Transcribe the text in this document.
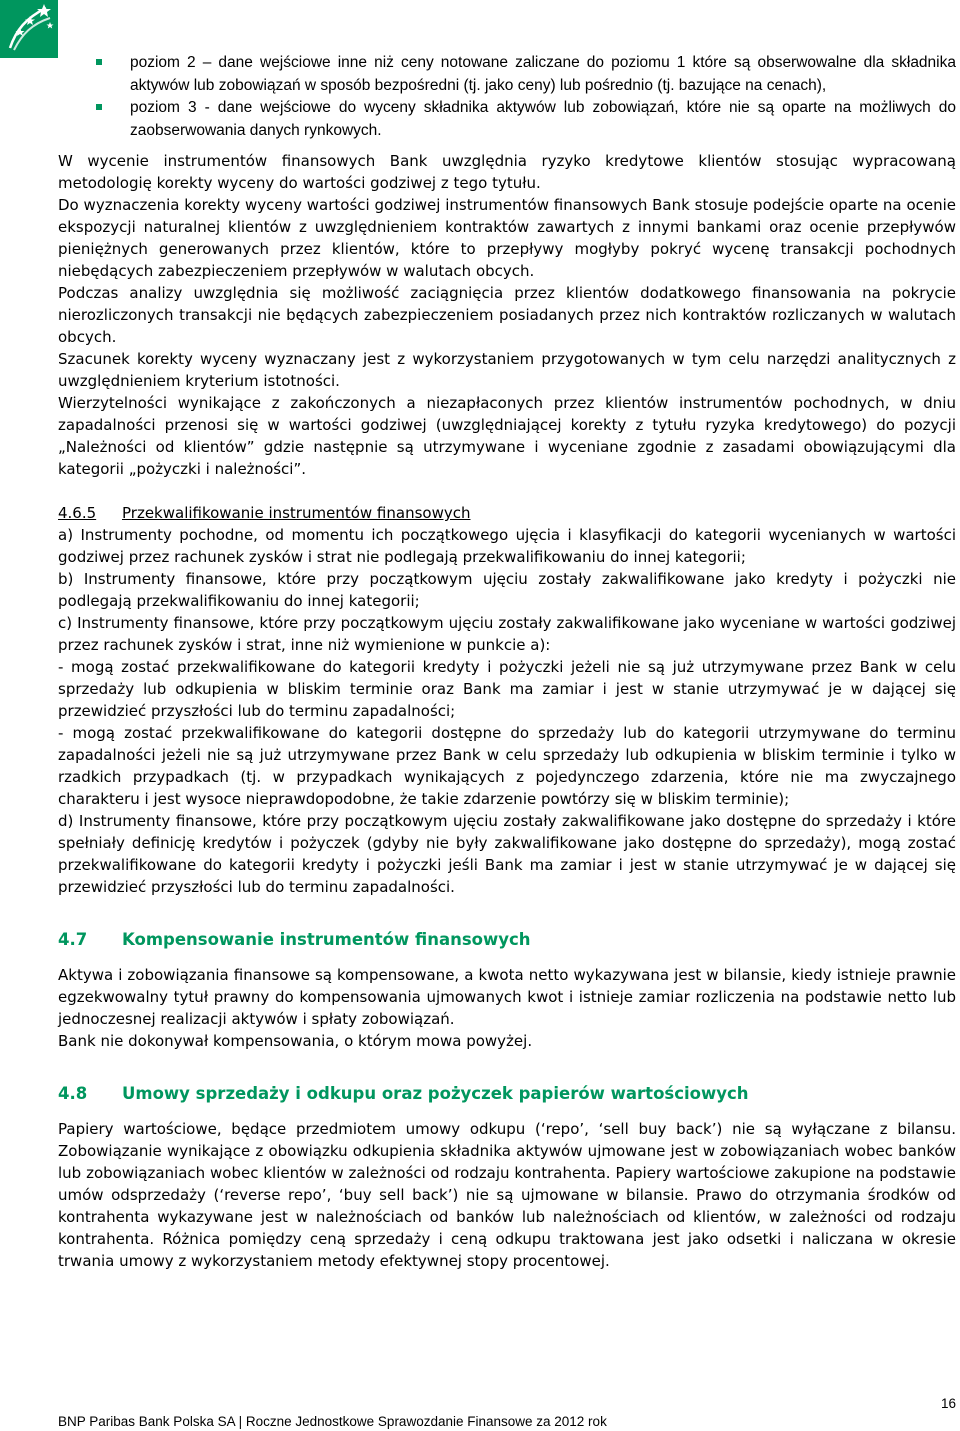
poziom 2 – dane wejściowe inne niż ceny notowane zaliczane do poziomu 1 które są obserwowalne dla składnika aktywów lub zobowiązań w sposób bezpośredni (tj. jako ceny) lub pośrednio (tj. bazujące na cenach),
poziom 3 - dane wejściowe do wyceny składnika aktywów lub zobowiązań, które nie są oparte na możliwych do zaobserwowania danych rynkowych.

W wycenie instrumentów finansowych Bank uwzględnia ryzyko kredytowe klientów stosując wypracowaną metodologię korekty wyceny do wartości godziwej z tego tytułu.

Do wyznaczenia korekty wyceny wartości godziwej instrumentów finansowych Bank stosuje podejście oparte na ocenie ekspozycji naturalnej klientów z uwzględnieniem kontraktów zawartych z innymi bankami oraz ocenie przepływów pieniężnych generowanych przez klientów, które to przepływy mogłyby pokryć wycenę transakcji pochodnych niebędących zabezpieczeniem przepływów w walutach obcych.

Podczas analizy uwzględnia się możliwość zaciągnięcia przez klientów dodatkowego finansowania na pokrycie nierozliczonych transakcji nie będących zabezpieczeniem posiadanych przez nich kontraktów rozliczanych w walutach obcych.

Szacunek korekty wyceny wyznaczany jest z wykorzystaniem przygotowanych w tym celu narzędzi analitycznych z uwzględnieniem kryterium istotności.

Wierzytelności wynikające z zakończonych a niezapłaconych przez klientów instrumentów pochodnych, w dniu zapadalności przenosi się w wartości godziwej (uwzględniającej korekty z tytułu ryzyka kredytowego) do pozycji „Należności od klientów” gdzie następnie są utrzymywane i wyceniane zgodnie z zasadami obowiązującymi dla kategorii „pożyczki i należności”.

4.6.5 Przekwalifikowanie instrumentów finansowych

a) Instrumenty pochodne, od momentu ich początkowego ujęcia i klasyfikacji do kategorii wycenianych w wartości godziwej przez rachunek zysków i strat nie podlegają przekwalifikowaniu do innej kategorii;

b) Instrumenty finansowe, które przy początkowym ujęciu zostały zakwalifikowane jako kredyty i pożyczki nie podlegają przekwalifikowaniu do innej kategorii;

c) Instrumenty finansowe, które przy początkowym ujęciu zostały zakwalifikowane jako wyceniane w wartości godziwej przez rachunek zysków i strat, inne niż wymienione w punkcie a):

- mogą zostać przekwalifikowane do kategorii kredyty i pożyczki jeżeli nie są już utrzymywane przez Bank w celu sprzedaży lub odkupienia w bliskim terminie oraz Bank ma zamiar i jest w stanie utrzymywać je w dającej się przewidzieć przyszłości lub do terminu zapadalności;

- mogą zostać przekwalifikowane do kategorii dostępne do sprzedaży lub do kategorii utrzymywane do terminu zapadalności jeżeli nie są już utrzymywane przez Bank w celu sprzedaży lub odkupienia w bliskim terminie i tylko w rzadkich przypadkach (tj. w przypadkach wynikających z pojedynczego zdarzenia, które nie ma zwyczajnego charakteru i jest wysoce nieprawdopodobne, że takie zdarzenie powtórzy się w bliskim terminie);

d) Instrumenty finansowe, które przy początkowym ujęciu zostały zakwalifikowane jako dostępne do sprzedaży i które spełniały definicję kredytów i pożyczek (gdyby nie były zakwalifikowane jako dostępne do sprzedaży), mogą zostać przekwalifikowane do kategorii kredyty i pożyczki jeśli Bank ma zamiar i jest w stanie utrzymywać je w dającej się przewidzieć przyszłości lub do terminu zapadalności.

4.7 Kompensowanie instrumentów finansowych

Aktywa i zobowiązania finansowe są kompensowane, a kwota netto wykazywana jest w bilansie, kiedy istnieje prawnie egzekwowalny tytuł prawny do kompensowania ujmowanych kwot i istnieje zamiar rozliczenia na podstawie netto lub jednoczesnej realizacji aktywów i spłaty zobowiązań.

Bank nie dokonywał kompensowania, o którym mowa powyżej.

4.8 Umowy sprzedaży i odkupu oraz pożyczek papierów wartościowych

Papiery wartościowe, będące przedmiotem umowy odkupu (‘repo’, ‘sell buy back’) nie są wyłączane z bilansu. Zobowiązanie wynikające z obowiązku odkupienia składnika aktywów ujmowane jest w zobowiązaniach wobec banków lub zobowiązaniach wobec klientów w zależności od rodzaju kontrahenta. Papiery wartościowe zakupione na podstawie umów odsprzedaży (‘reverse repo’, ‘buy sell back’) nie są ujmowane w bilansie. Prawo do otrzymania środków od kontrahenta wykazywane jest w należnościach od banków lub należnościach od klientów, w zależności od rodzaju kontrahenta. Różnica pomiędzy ceną sprzedaży i ceną odkupu traktowana jest jako odsetki i naliczana w okresie trwania umowy z wykorzystaniem metody efektywnej stopy procentowej.

16
BNP Paribas Bank Polska SA | Roczne Jednostkowe Sprawozdanie Finansowe za 2012 rok
